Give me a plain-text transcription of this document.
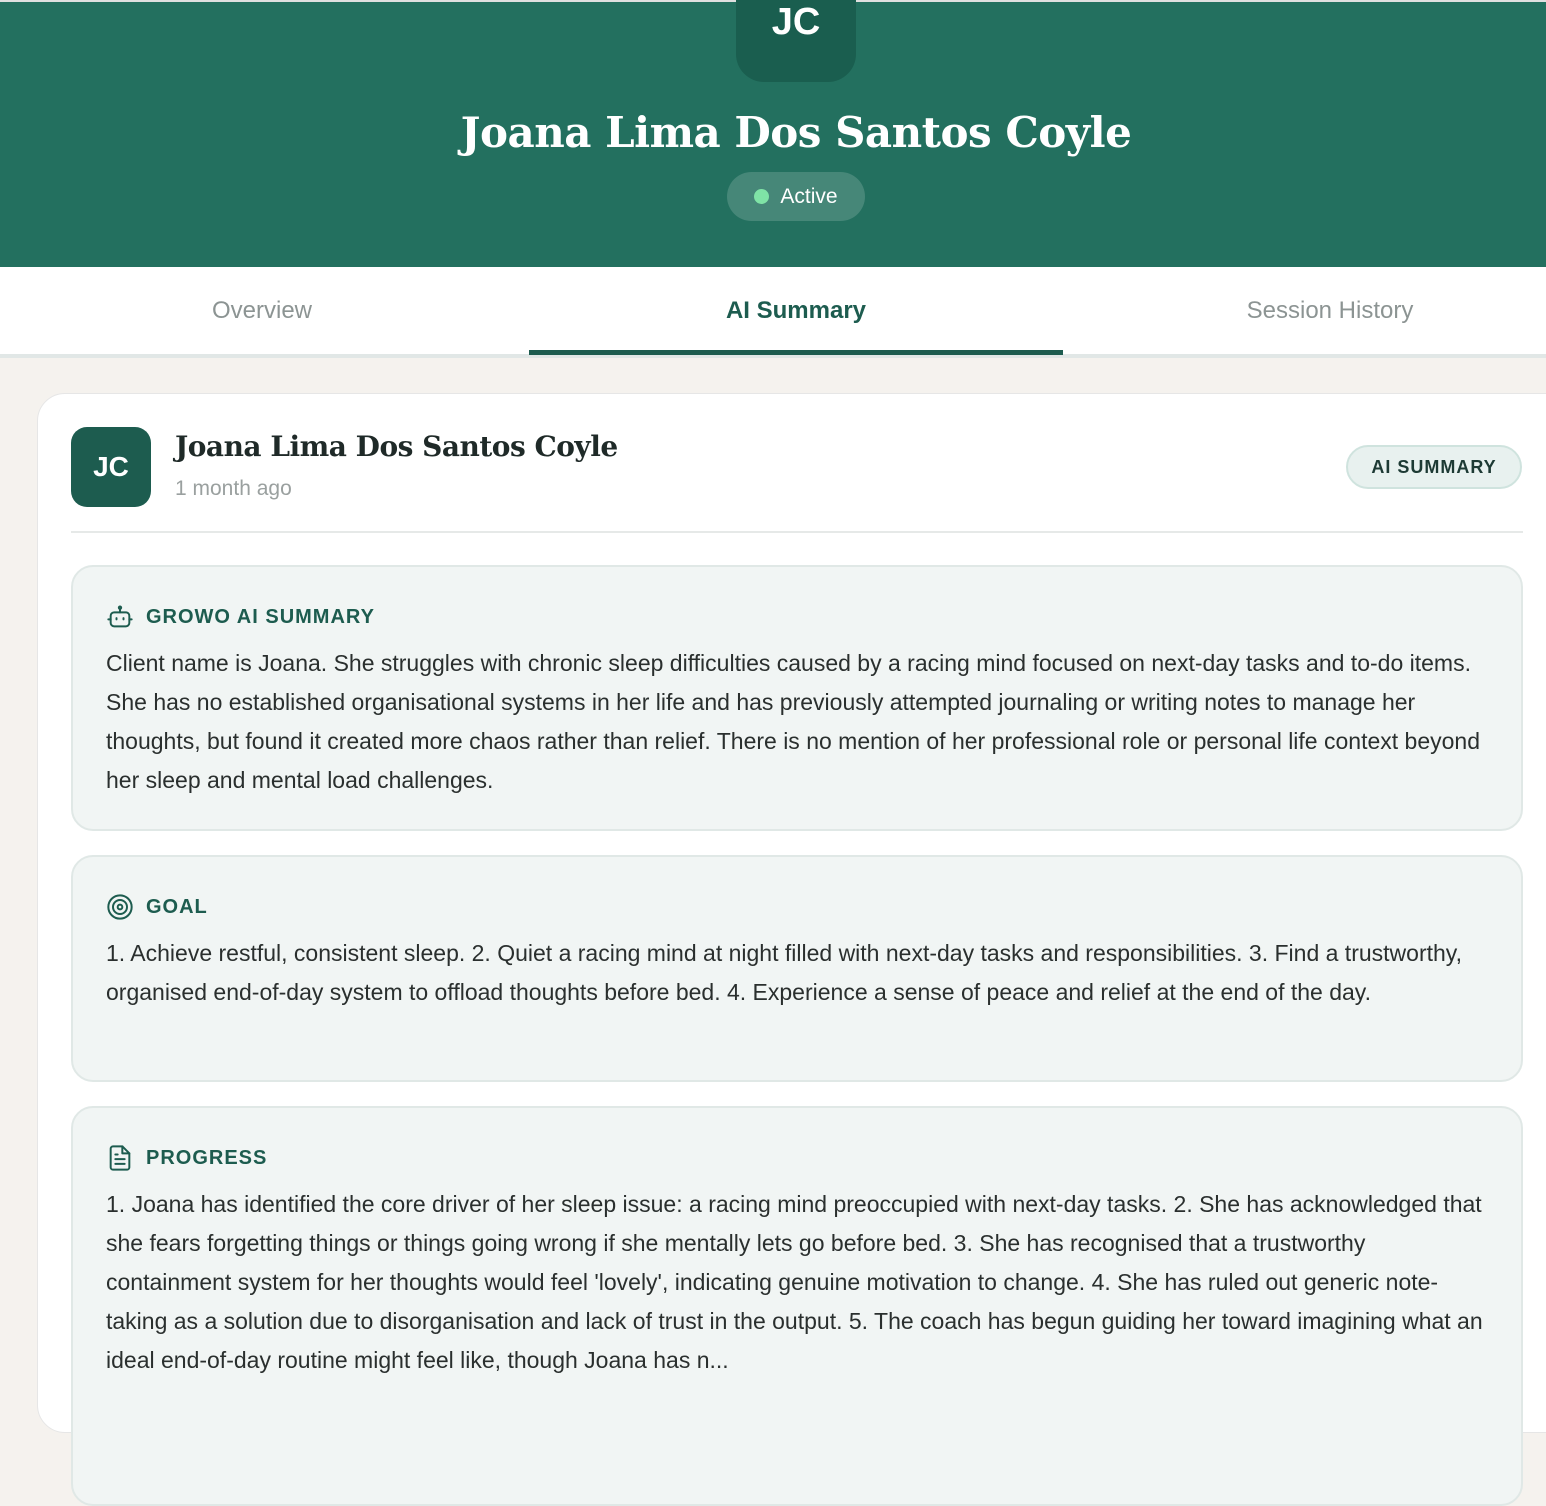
JC
Joana Lima Dos Santos Coyle
Active
Overview	AI Summary	Session History
JC
Joana Lima Dos Santos Coyle
1 month ago
AI SUMMARY
GROWO AI SUMMARY
Client name is Joana. She struggles with chronic sleep difficulties caused by a racing mind focused on next-day tasks and to-do items. She has no established organisational systems in her life and has previously attempted journaling or writing notes to manage her thoughts, but found it created more chaos rather than relief. There is no mention of her professional role or personal life context beyond her sleep and mental load challenges.
GOAL
1. Achieve restful, consistent sleep. 2. Quiet a racing mind at night filled with next-day tasks and responsibilities. 3. Find a trustworthy, organised end-of-day system to offload thoughts before bed. 4. Experience a sense of peace and relief at the end of the day.
PROGRESS
1. Joana has identified the core driver of her sleep issue: a racing mind preoccupied with next-day tasks. 2. She has acknowledged that she fears forgetting things or things going wrong if she mentally lets go before bed. 3. She has recognised that a trustworthy containment system for her thoughts would feel 'lovely', indicating genuine motivation to change. 4. She has ruled out generic note-taking as a solution due to disorganisation and lack of trust in the output. 5. The coach has begun guiding her toward imagining what an ideal end-of-day routine might feel like, though Joana has n...
